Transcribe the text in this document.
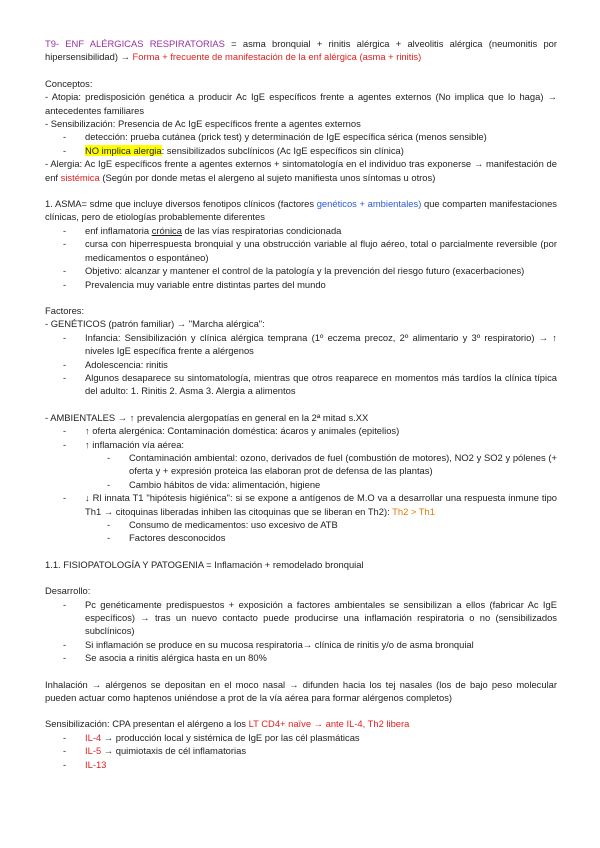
T9- ENF ALÉRGICAS RESPIRATORIAS = asma bronquial + rinitis alérgica + alveolitis alérgica (neumonitis por hipersensibilidad) → Forma + frecuente de manifestación de la enf alérgica (asma + rinitis)

Conceptos:

- Atopia: predisposición genética a producir Ac IgE específicos frente a agentes externos (No implica que lo haga) → antecedentes familiares

- Sensibilización: Presencia de Ac IgE específicos frente a agentes externos

-	detección: prueba cutánea (prick test) y determinación de IgE específica sérica (menos sensible)
-	NO implica alergia: sensibilizados subclínicos (Ac IgE específicos sin clínica)

- Alergia: Ac IgE específicos frente a agentes externos + sintomatología en el individuo tras exponerse → manifestación de enf sistémica (Según por donde metas el alergeno al sujeto manifiesta unos síntomas u otros)

1. ASMA= sdme que incluye diversos fenotipos clínicos (factores genéticos + ambientales) que comparten manifestaciones clínicas, pero de etiologías probablemente diferentes

-	enf inflamatoria crónica de las vías respiratorias condicionada
-	cursa con hiperrespuesta bronquial y una obstrucción variable al flujo aéreo, total o parcialmente reversible (por medicamentos o espontáneo)
-	Objetivo: alcanzar y mantener el control de la patología y la prevención del riesgo futuro (exacerbaciones)
-	Prevalencia muy variable entre distintas partes del mundo

Factores:

- GENÉTICOS (patrón familiar) → "Marcha alérgica":

-	Infancia: Sensibilización y clínica alérgica temprana (1º eczema precoz, 2º alimentario y 3º respiratorio) → ↑ niveles IgE específica frente a alérgenos
-	Adolescencia: rinitis
-	Algunos desaparece su sintomatología, mientras que otros reaparece en momentos más tardíos la clínica típica del adulto: 1. Rinitis 2. Asma 3. Alergia a alimentos

- AMBIENTALES → ↑ prevalencia alergopatías en general en la 2ª mitad s.XX

-	↑ oferta alergénica: Contaminación doméstica: ácaros y animales (epitelios)
-	↑ inflamación vía aérea:
-	Contaminación ambiental: ozono, derivados de fuel (combustión de motores), NO2 y SO2 y pólenes (+ oferta y + expresión proteica las elaboran prot de defensa de las plantas)
-	Cambio hábitos de vida: alimentación, higiene
-	↓ Rl innata T1 "hipótesis higiénica": si se expone a antígenos de M.O va a desarrollar una respuesta inmune tipo Th1 → citoquinas liberadas inhiben las citoquinas que se liberan en Th2): Th2 > Th1
-	Consumo de medicamentos: uso excesivo de ATB
-	Factores desconocidos

1.1. FISIOPATOLOGÍA Y PATOGENIA = Inflamación + remodelado bronquial

Desarrollo:

-	Pc genéticamente predispuestos + exposición a factores ambientales se sensibilizan a ellos (fabricar Ac IgE específicos) → tras un nuevo contacto puede producirse una inflamación respiratoria o no (sensibilizados subclínicos)
-	Si inflamación se produce en su mucosa respiratoria→ clínica de rinitis y/o de asma bronquial
-	Se asocia a rinitis alérgica hasta en un 80%

Inhalación → alérgenos se depositan en el moco nasal → difunden hacia los tej nasales (los de bajo peso molecular pueden actuar como haptenos uniéndose a prot de la vía aérea para formar alérgenos completos)

Sensibilización: CPA presentan el alérgeno a los LT CD4+ naïve → ante IL-4, Th2 libera

-	IL-4 → producción local y sistémica de IgE por las cél plasmáticas
-	IL-5 → quimiotaxis de cél inflamatorias
-	IL-13
